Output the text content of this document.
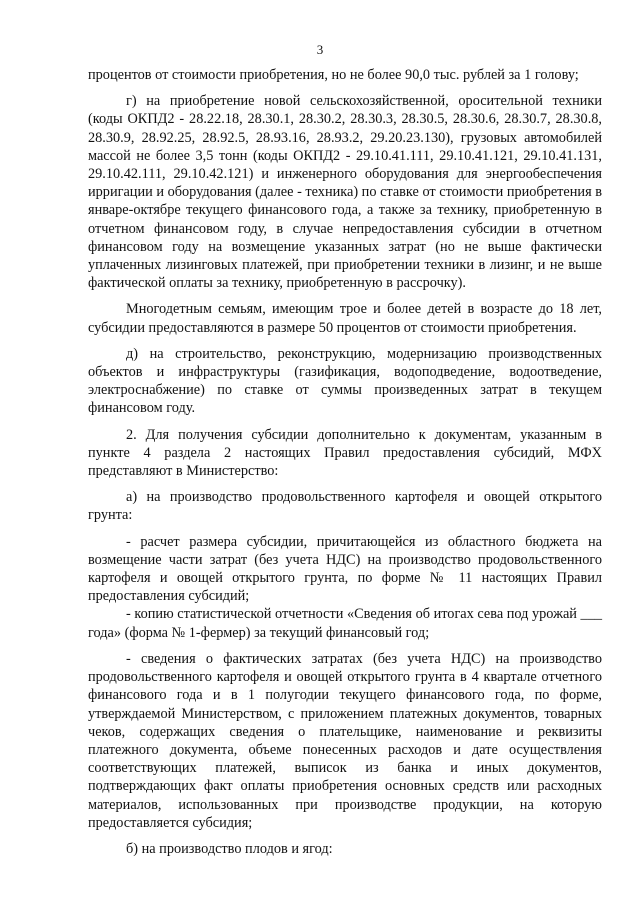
3

процентов от стоимости приобретения, но не более 90,0 тыс. рублей за 1 голову;

г) на приобретение новой сельскохозяйственной, оросительной техники (коды ОКПД2 - 28.22.18, 28.30.1, 28.30.2, 28.30.3, 28.30.5, 28.30.6, 28.30.7, 28.30.8, 28.30.9, 28.92.25, 28.92.5, 28.93.16, 28.93.2, 29.20.23.130), грузовых автомобилей массой не более 3,5 тонн (коды ОКПД2 - 29.10.41.111, 29.10.41.121, 29.10.41.131, 29.10.42.111, 29.10.42.121) и инженерного оборудования для энергообеспечения ирригации и оборудования (далее - техника) по ставке от стоимости приобретения в январе-октябре текущего финансового года, а также за технику, приобретенную в отчетном финансовом году, в случае непредоставления субсидии в отчетном финансовом году на возмещение указанных затрат (но не выше фактически уплаченных лизинговых платежей, при приобретении техники в лизинг, и не выше фактической оплаты за технику, приобретенную в рассрочку).

Многодетным семьям, имеющим трое и более детей в возрасте до 18 лет, субсидии предоставляются в размере 50 процентов от стоимости приобретения.

д) на строительство, реконструкцию, модернизацию производственных объектов и инфраструктуры (газификация, водоподведение, водоотведение, электроснабжение) по ставке от суммы произведенных затрат в текущем финансовом году.

2. Для получения субсидии дополнительно к документам, указанным в пункте 4 раздела 2 настоящих Правил предоставления субсидий, МФХ представляют в Министерство:

а) на производство продовольственного картофеля и овощей открытого грунта:

- расчет размера субсидии, причитающейся из областного бюджета на возмещение части затрат (без учета НДС) на производство продовольственного картофеля и овощей открытого грунта, по форме № 11 настоящих Правил предоставления субсидий;

- копию статистической отчетности «Сведения об итогах сева под урожай ___ года» (форма № 1-фермер) за текущий финансовый год;

- сведения о фактических затратах (без учета НДС) на производство продовольственного картофеля и овощей открытого грунта в 4 квартале отчетного финансового года и в 1 полугодии текущего финансового года, по форме, утверждаемой Министерством, с приложением платежных документов, товарных чеков, содержащих сведения о плательщике, наименование и реквизиты платежного документа, объеме понесенных расходов и дате осуществления соответствующих платежей, выписок из банка и иных документов, подтверждающих факт оплаты приобретения основных средств или расходных материалов, использованных при производстве продукции, на которую предоставляется субсидия;

б) на производство плодов и ягод:
